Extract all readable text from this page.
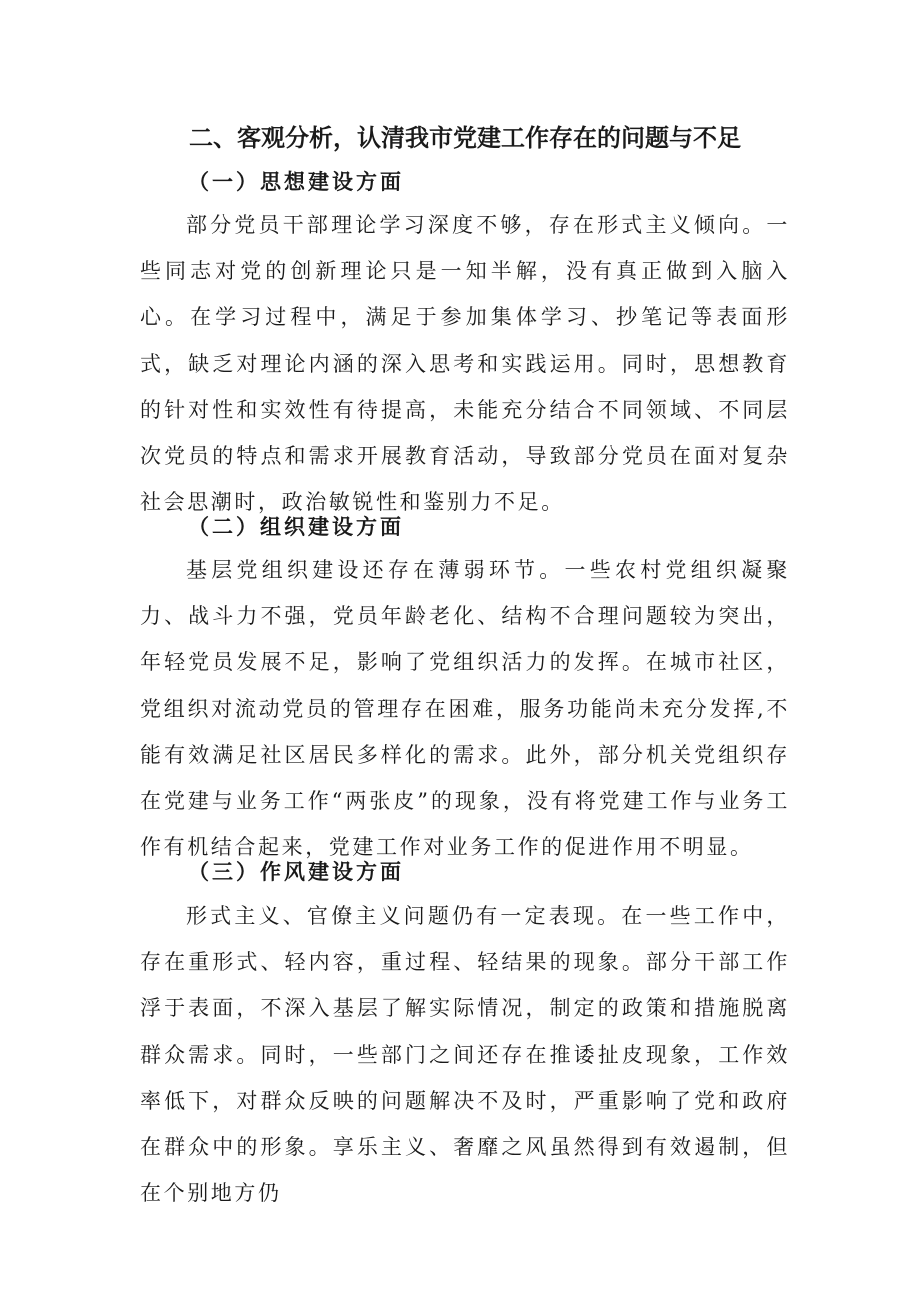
二、客观分析，认清我市党建工作存在的问题与不足
（一）思想建设方面

部分党员干部理论学习深度不够，存在形式主义倾向。一些同志对党的创新理论只是一知半解，没有真正做到入脑入心。在学习过程中，满足于参加集体学习、抄笔记等表面形式，缺乏对理论内涵的深入思考和实践运用。同时，思想教育的针对性和实效性有待提高，未能充分结合不同领域、不同层次党员的特点和需求开展教育活动，导致部分党员在面对复杂社会思潮时，政治敏锐性和鉴别力不足。

（二）组织建设方面

基层党组织建设还存在薄弱环节。一些农村党组织凝聚力、战斗力不强，党员年龄老化、结构不合理问题较为突出，年轻党员发展不足，影响了党组织活力的发挥。在城市社区，党组织对流动党员的管理存在困难，服务功能尚未充分发挥,不能有效满足社区居民多样化的需求。此外，部分机关党组织存在党建与业务工作“两张皮”的现象，没有将党建工作与业务工作有机结合起来，党建工作对业务工作的促进作用不明显。

（三）作风建设方面

形式主义、官僚主义问题仍有一定表现。在一些工作中，存在重形式、轻内容，重过程、轻结果的现象。部分干部工作浮于表面，不深入基层了解实际情况，制定的政策和措施脱离群众需求。同时，一些部门之间还存在推诿扯皮现象，工作效率低下，对群众反映的问题解决不及时，严重影响了党和政府在群众中的形象。享乐主义、奢靡之风虽然得到有效遏制，但在个别地方仍
